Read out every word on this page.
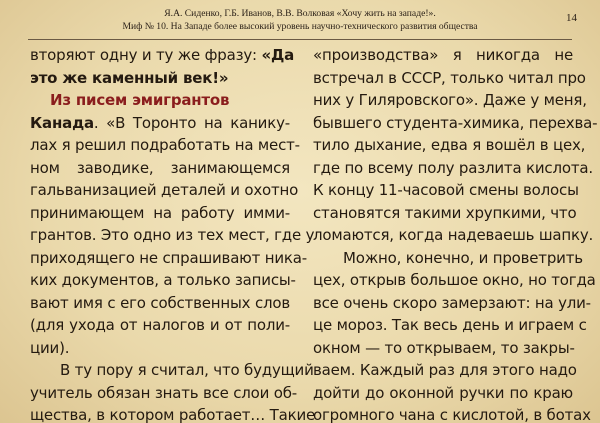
Я.А. Сиденко, Г.Б. Иванов, В.В. Волковая «Хочу жить на западе!».
Миф № 10. На Западе более высокий уровень научно-технического развития общества
14
вторяют одну и ту же фразу: «Да
это же каменный век!»
Из писем эмигрантов
Канада. «В Торонто на канику-
лах я решил подработать на мест-
ном заводике, занимающемся
гальванизацией деталей и охотно
принимающем на работу имми-
грантов. Это одно из тех мест, где у
приходящего не спрашивают ника-
ких документов, а только записы-
вают имя с его собственных слов
(для ухода от налогов и от поли-
ции).
В ту пору я считал, что будущий
учитель обязан знать все слои об-
щества, в котором работает… Такие
«производства» я никогда не
встречал в СССР, только читал про
них у Гиляровского». Даже у меня,
бывшего студента-химика, перехва-
тило дыхание, едва я вошёл в цех,
где по всему полу разлита кислота.
К концу 11-часовой смены волосы
становятся такими хрупкими, что
ломаются, когда надеваешь шапку.
Можно, конечно, и проветрить
цех, открыв большое окно, но тогда
все очень скоро замерзают: на ули-
це мороз. Так весь день и играем с
окном — то открываем, то закры-
ваем. Каждый раз для этого надо
дойти до оконной ручки по краю
огромного чана с кислотой, в ботах
